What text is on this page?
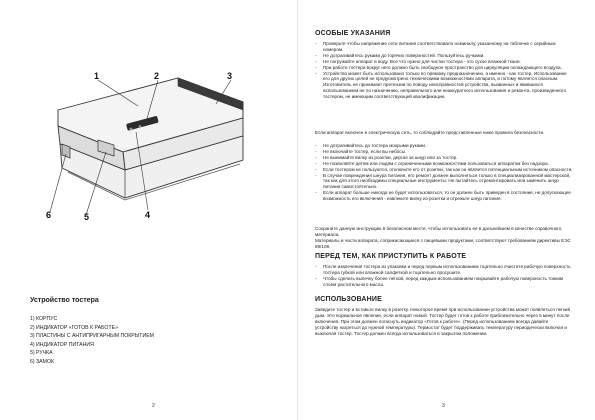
1	2	3
4
5
6
Устройство тостера
1) КОРПУС
2) ИНДИКАТОР «ГОТОВ К РАБОТЕ»
3) ПЛАСТИНЫ С АНТИПРИГАРНЫМ ПОКРЫТИЕМ
4) ИНДИКАТОР ПИТАНИЯ
5) РУЧКА
6) ЗАМОК
2
ОСОБЫЕ УКАЗАНИЯ
- Проверьте чтобы напряжение сети питания соответствовало номиналу, указанному на табличке с серийным номером.
- Не дотрагивайтесь руками до горячих поверхностей. Пользуйтесь ручками.
- Не погружайте аппарат в воду. Все что нужно для чистки тостера - это сухое влажной ткани.
- При работе тостера вокруг него должно быть свободное пространство для циркуляции охлаждающего воздуха.
- Устройство может быть использовано только по прямому предназначению, а именно - как тостер. Использование его для других целей не предусмотрено техническими возможностями аппарата, и потому является опасным. Изготовитель не принимает претензии по поводу неисправностей устройства, вызванных и явившихся использованием не по назначению, неправильного или неаккуратного использования и ремонта, произведенного тостером, не имеющим соответствующей квалификации.

Если аппарат включен в электрическую сеть, то соблюдайте представленные ниже правила безопасности.

- Не дотрагивайтесь до тостера мокрыми руками.
- Не включайте тостер, если вы небосы.
- Не вынимайте вилку из розетки, дергая за шнур или за тостер.
- Не позволяйте детям или людям с ограниченными возможностями пользоваться аппаратом без надзора.
- Если тостером не пользуются, отключите его от розетки, так как он является потенциальным источником опасности.
- В случае повреждения шнура питания, его ремонт должен выполняться только в специализированной мастерской, так как для этого необходимы специальные инструменты. Не пытайтесь отремонтировать или заменить шнур питания самостоятельно.
- Если аппарат больше никогда не будет использоваться, то он должен быть приведен в состояние, не допускающее возможность его включения - извлеките вилку из розетки и отрежьте шнур питания.

Сохраните данную инструкцию в безопасном месте, чтобы использовать ее в дальнейшем в качестве справочного материала.

Материалы и части аппарата, соприкасающиеся с пищевыми продуктами, соответствуют требованиям директивы ЕЭС 89/109.

ПЕРЕД ТЕМ, КАК ПРИСТУПИТЬ К РАБОТЕ
- После извлечения тостера из упаковки и перед первым использованием тщательно очистите рабочую поверхность тостера губкой или влажной салфеткой и тщательно просушите.
- Чтобы сделать выпечку более легкой, перед каждым использованием покрывайте рабочую поверхность тонким слоем растительного масла.
ИСПОЛЬЗОВАНИЕ

Заведите тостер и вставьте вилку в розетку. Некоторое время при использовании устройства может появляться легкий дым. Это нормальное явление, если аппарат новый. Тостер будет готов к работе приблизительно через 5 минут после включения. При этом должен погаснуть индикатор «Готов к работе». (Перед использованием всегда давайте устройству нагреться до нужной температуры). Термостат будет поддерживать температуру периодически включая и выключая тостер. Тостер должен всегда использоваться в закрытом положении.

3
